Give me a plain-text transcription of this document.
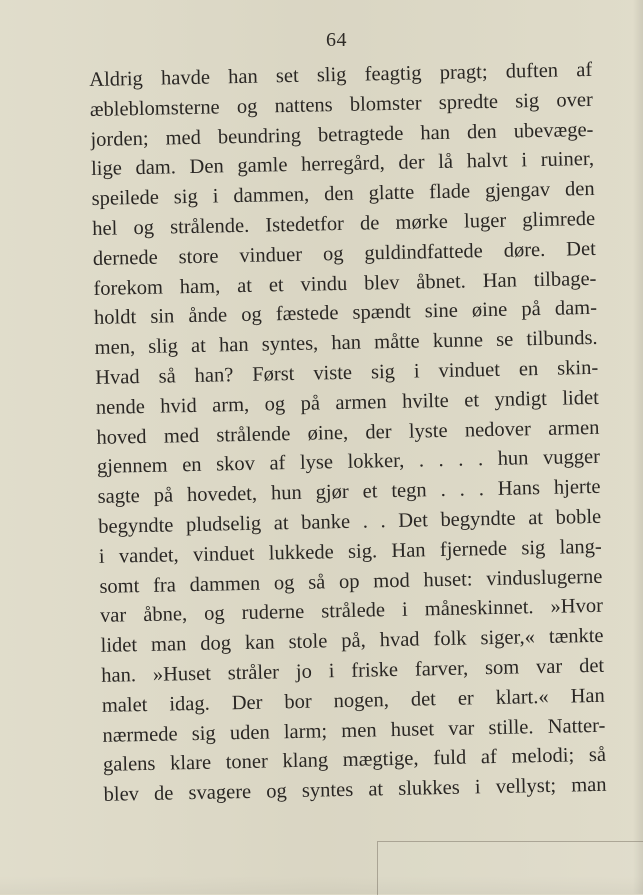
64
Aldrig havde han set slig feagtig pragt; duften af
æbleblomsterne og nattens blomster spredte sig over
jorden; med beundring betragtede han den ubevæge-
lige dam. Den gamle herregård, der lå halvt i ruiner,
speilede sig i dammen, den glatte flade gjengav den
hel og strålende. Istedetfor de mørke luger glimrede
dernede store vinduer og guldindfattede døre. Det
forekom ham, at et vindu blev åbnet. Han tilbage-
holdt sin ånde og fæstede spændt sine øine på dam-
men, slig at han syntes, han måtte kunne se tilbunds.
Hvad så han? Først viste sig i vinduet en skin-
nende hvid arm, og på armen hvilte et yndigt lidet
hoved med strålende øine, der lyste nedover armen
gjennem en skov af lyse lokker, . . . . hun vugger
sagte på hovedet, hun gjør et tegn . . . Hans hjerte
begyndte pludselig at banke . . Det begyndte at boble
i vandet, vinduet lukkede sig. Han fjernede sig lang-
somt fra dammen og så op mod huset: vinduslugerne
var åbne, og ruderne strålede i måneskinnet. »Hvor
lidet man dog kan stole på, hvad folk siger,« tænkte
han. »Huset stråler jo i friske farver, som var det
malet idag. Der bor nogen, det er klart.« Han
nærmede sig uden larm; men huset var stille. Natter-
galens klare toner klang mægtige, fuld af melodi; så
blev de svagere og syntes at slukkes i vellyst; man
